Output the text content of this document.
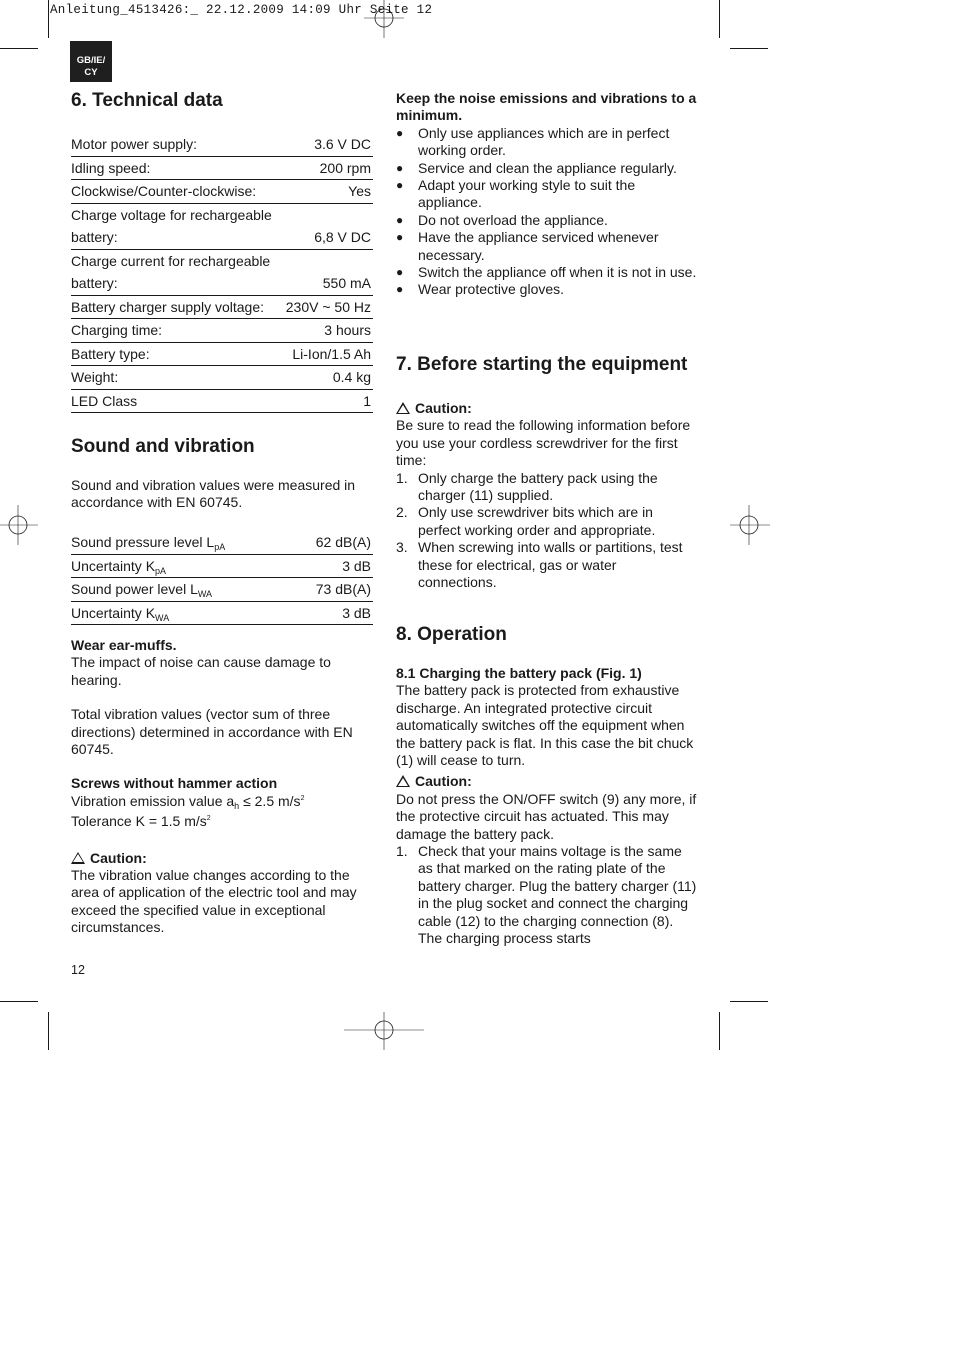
Anleitung_4513426:_ 22.12.2009 14:09 Uhr Seite 12
GB/IE/
CY
6. Technical data
Motor power supply:	3.6 V DC
Idling speed:	200 rpm
Clockwise/Counter-clockwise:	Yes
Charge voltage for rechargeable	
battery:	6,8 V DC
Charge current for rechargeable	
battery:	550 mA
Battery charger supply voltage:	230V ~ 50 Hz
Charging time:	3 hours
Battery type:	Li-Ion/1.5 Ah
Weight:	0.4 kg
LED Class	1
Sound and vibration
Sound and vibration values were measured in accordance with EN 60745.
Sound pressure level $L_{pA}$	62 dB(A)
Uncertainty $K_{pA}$	3 dB
Sound power level $L_{WA}$	73 dB(A)
Uncertainty $K_{WA}$	3 dB
Wear ear-muffs.
The impact of noise can cause damage to hearing.
Total vibration values (vector sum of three directions) determined in accordance with EN 60745.
Screws without hammer action
Vibration emission value $a_h \le 2.5$ $m/s^2$
Tolerance K = 1.5 $m/s^2$
Caution:
The vibration value changes according to the area of application of the electric tool and may exceed the specified value in exceptional circumstances.
12
Keep the noise emissions and vibrations to a minimum.
● Only use appliances which are in perfect working order.
● Service and clean the appliance regularly.
● Adapt your working style to suit the appliance.
● Do not overload the appliance.
● Have the appliance serviced whenever necessary.
● Switch the appliance off when it is not in use.
● Wear protective gloves.
7. Before starting the equipment
Caution:
Be sure to read the following information before you use your cordless screwdriver for the first time:
1. Only charge the battery pack using the charger (11) supplied.
2. Only use screwdriver bits which are in perfect working order and appropriate.
3. When screwing into walls or partitions, test these for electrical, gas or water connections.
8. Operation
8.1 Charging the battery pack (Fig. 1)
The battery pack is protected from exhaustive discharge. An integrated protective circuit automatically switches off the equipment when the battery pack is flat. In this case the bit chuck (1) will cease to turn.
Caution:
Do not press the ON/OFF switch (9) any more, if the protective circuit has actuated. This may damage the battery pack.
1. Check that your mains voltage is the same as that marked on the rating plate of the battery charger. Plug the battery charger (11) in the plug socket and connect the charging cable (12) to the charging connection (8). The charging process starts
